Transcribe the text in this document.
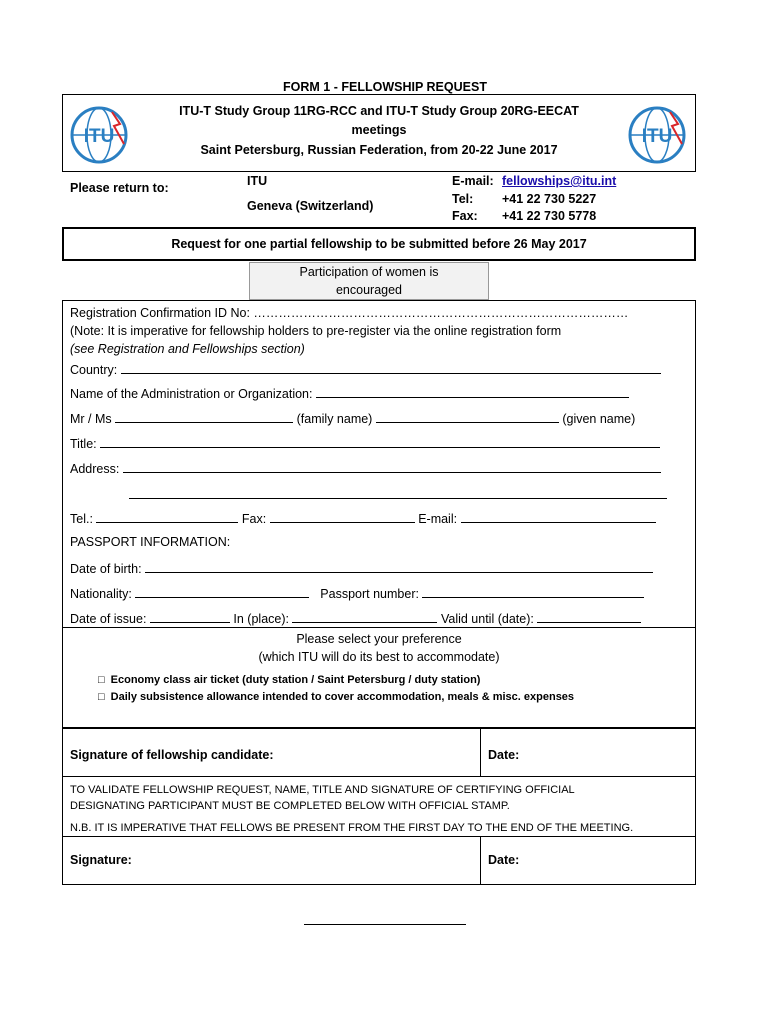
FORM 1 - FELLOWSHIP REQUEST
ITU	ITU
ITU-T Study Group 11RG-RCC and ITU-T Study Group 20RG-EECAT
meetings
Saint Petersburg, Russian Federation, from 20-22 June 2017
Please return to:	ITU
Geneva (Switzerland)
E-mail: fellowships@itu.int
Tel: +41 22 730 5227
Fax: +41 22 730 5778
Request for one partial fellowship to be submitted before 26 May 2017
Participation of women is
encouraged
Registration Confirmation ID No: ………………………………………………………………………………
(Note: It is imperative for fellowship holders to pre-register via the online registration form
(see Registration and Fellowships section)
Country:
Name of the Administration or Organization:
Mr / Ms	(family name)	(given name)
Title:
Address:
Tel.:	Fax:	E-mail:
PASSPORT INFORMATION:
Date of birth:
Nationality:	Passport number:
Date of issue:	In (place):	Valid until (date):
Please select your preference
(which ITU will do its best to accommodate)
□ Economy class air ticket (duty station / Saint Petersburg / duty station)
□ Daily subsistence allowance intended to cover accommodation, meals & misc. expenses
Signature of fellowship candidate:	Date:
TO VALIDATE FELLOWSHIP REQUEST, NAME, TITLE AND SIGNATURE OF CERTIFYING OFFICIAL
DESIGNATING PARTICIPANT MUST BE COMPLETED BELOW WITH OFFICIAL STAMP.
N.B. IT IS IMPERATIVE THAT FELLOWS BE PRESENT FROM THE FIRST DAY TO THE END OF THE MEETING.
Signature:	Date:
